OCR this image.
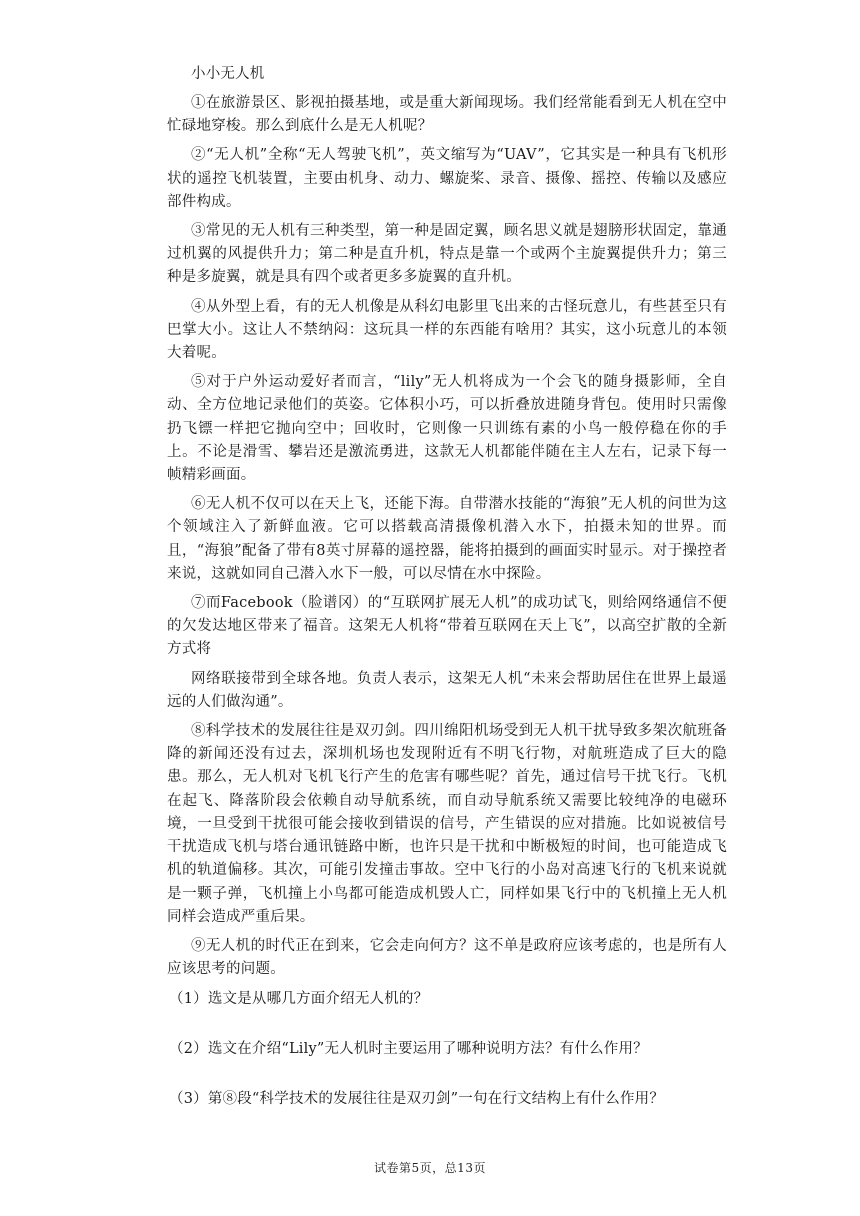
小小无人机

①在旅游景区、影视拍摄基地，或是重大新闻现场。我们经常能看到无人机在空中忙碌地穿梭。那么到底什么是无人机呢？

②“无人机”全称“无人驾驶飞机”，英文缩写为“UAV”，它其实是一种具有飞机形状的遥控飞机装置，主要由机身、动力、螺旋桨、录音、摄像、摇控、传输以及感应部件构成。

③常见的无人机有三种类型，第一种是固定翼，顾名思义就是翅膀形状固定，靠通过机翼的风提供升力；第二种是直升机，特点是靠一个或两个主旋翼提供升力；第三种是多旋翼，就是具有四个或者更多多旋翼的直升机。

④从外型上看，有的无人机像是从科幻电影里飞出来的古怪玩意儿，有些甚至只有巴掌大小。这让人不禁纳闷：这玩具一样的东西能有啥用？其实，这小玩意儿的本领大着呢。

⑤对于户外运动爱好者而言，“lily”无人机将成为一个会飞的随身摄影师，全自动、全方位地记录他们的英姿。它体积小巧，可以折叠放进随身背包。使用时只需像扔飞镖一样把它抛向空中；回收时，它则像一只训练有素的小鸟一般停稳在你的手上。不论是滑雪、攀岩还是激流勇进，这款无人机都能伴随在主人左右，记录下每一帧精彩画面。

⑥无人机不仅可以在天上飞，还能下海。自带潜水技能的“海狼”无人机的问世为这个领域注入了新鲜血液。它可以搭载高清摄像机潜入水下，拍摄未知的世界。而且，“海狼”配备了带有8英寸屏幕的遥控器，能将拍摄到的画面实时显示。对于操控者来说，这就如同自己潜入水下一般，可以尽情在水中探险。

⑦而Facebook（脸谱冈）的“互联网扩展无人机”的成功试飞，则给网络通信不便的欠发达地区带来了福音。这架无人机将“带着互联网在天上飞”，以高空扩散的全新方式将

网络联接带到全球各地。负责人表示，这架无人机“未来会帮助居住在世界上最遥远的人们做沟通”。

⑧科学技术的发展往往是双刃剑。四川绵阳机场受到无人机干扰导致多架次航班备降的新闻还没有过去，深圳机场也发现附近有不明飞行物，对航班造成了巨大的隐患。那么，无人机对飞机飞行产生的危害有哪些呢？首先，通过信号干扰飞行。飞机在起飞、降落阶段会依赖自动导航系统，而自动导航系统又需要比较纯净的电磁环境，一旦受到干扰很可能会接收到错误的信号，产生错误的应对措施。比如说被信号干扰造成飞机与塔台通讯链路中断，也许只是干扰和中断极短的时间，也可能造成飞机的轨道偏移。其次，可能引发撞击事故。空中飞行的小岛对高速飞行的飞机来说就是一颗子弹，飞机撞上小鸟都可能造成机毁人亡，同样如果飞行中的飞机撞上无人机同样会造成严重后果。

⑨无人机的时代正在到来，它会走向何方？这不单是政府应该考虑的，也是所有人应该思考的问题。

（1）选文是从哪几方面介绍无人机的？

（2）选文在介绍“Lily”无人机时主要运用了哪种说明方法？有什么作用？

（3）第⑧段“科学技术的发展往往是双刃剑”一句在行文结构上有什么作用？

试卷第5页，总13页
